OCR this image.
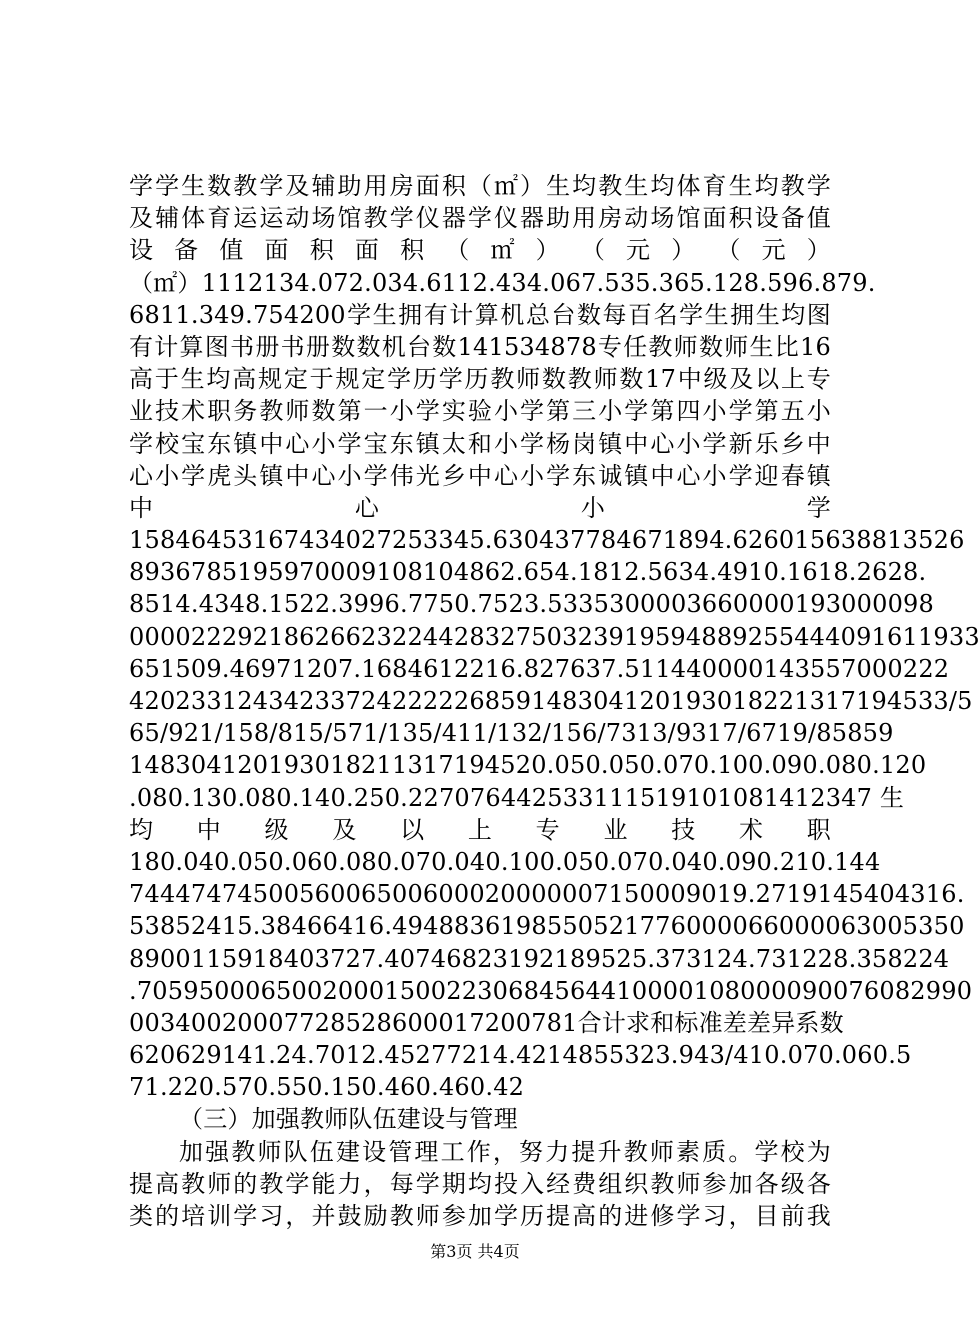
学学生数教学及辅助用房面积（㎡）生均教生均体育生均教学
及辅体育运运动场馆教学仪器学仪器助用房动场馆面积设备值
设 备 值 面 积 面 积 （ ㎡ ） （ 元 ） （ 元 ）
（㎡）1112134.072.034.6112.434.067.535.365.128.596.879.
6811.349.754200学生拥有计算机总台数每百名学生拥生均图
有计算图书册书册数数机台数141534878专任教师数师生比16
高于生均高规定于规定学历学历教师数教师数17中级及以上专
业技术职务教师数第一小学实验小学第三小学第四小学第五小
学校宝东镇中心小学宝东镇太和小学杨岗镇中心小学新乐乡中
心小学虎头镇中心小学伟光乡中心小学东诚镇中心小学迎春镇
中 心 小 学
15846453167434027253345.630437784671894.626015638813526
89367851959700091081048​62.654.1812.5634.4910.1618.2628.
8514.4348.1522.3996.7750.7523.5335300003660000193000098
00002229218626623224428327503239195948892554440916119​33
651509.46971207.1684612216.827637.511440000143557000222
420233124342337242222268591483041201930182213171945​33/5
65/921/158/815/571/135/411/132/156/7313/9317/6719/85859
1483041201930182113171945​20.050.050.070.100.090.080.120
.080.130.080.140.250.2270764425331115191010814123​47 生
均 中 级 及 以 上 专 业 技 术 职
180.040.050.060.080.070.040.100.050.070.040.090.210.144
7444747450056006500600020000007150009019.2719145404316.
53852415.38466416.4948836198550521776000066000063005350
8900115918403727.40746823192189525.373124.731228.358224
.70595000650020001500223068456441000010800009007608299​0
0034002000772852860001720078​1合计求和标准差差异系数
620629141.24.7012.45277214.4214855323.943/410.070.060.5
71.220.570.550.150.460.460.42
（三）加强教师队伍建设与管理
加强教师队伍建设管理工作，努力提升教师素质。学校为
提高教师的教学能力，每学期均投入经费组织教师参加各级各
类的培训学习，并鼓励教师参加学历提高的进修学习，目前我
第3页 共4页
